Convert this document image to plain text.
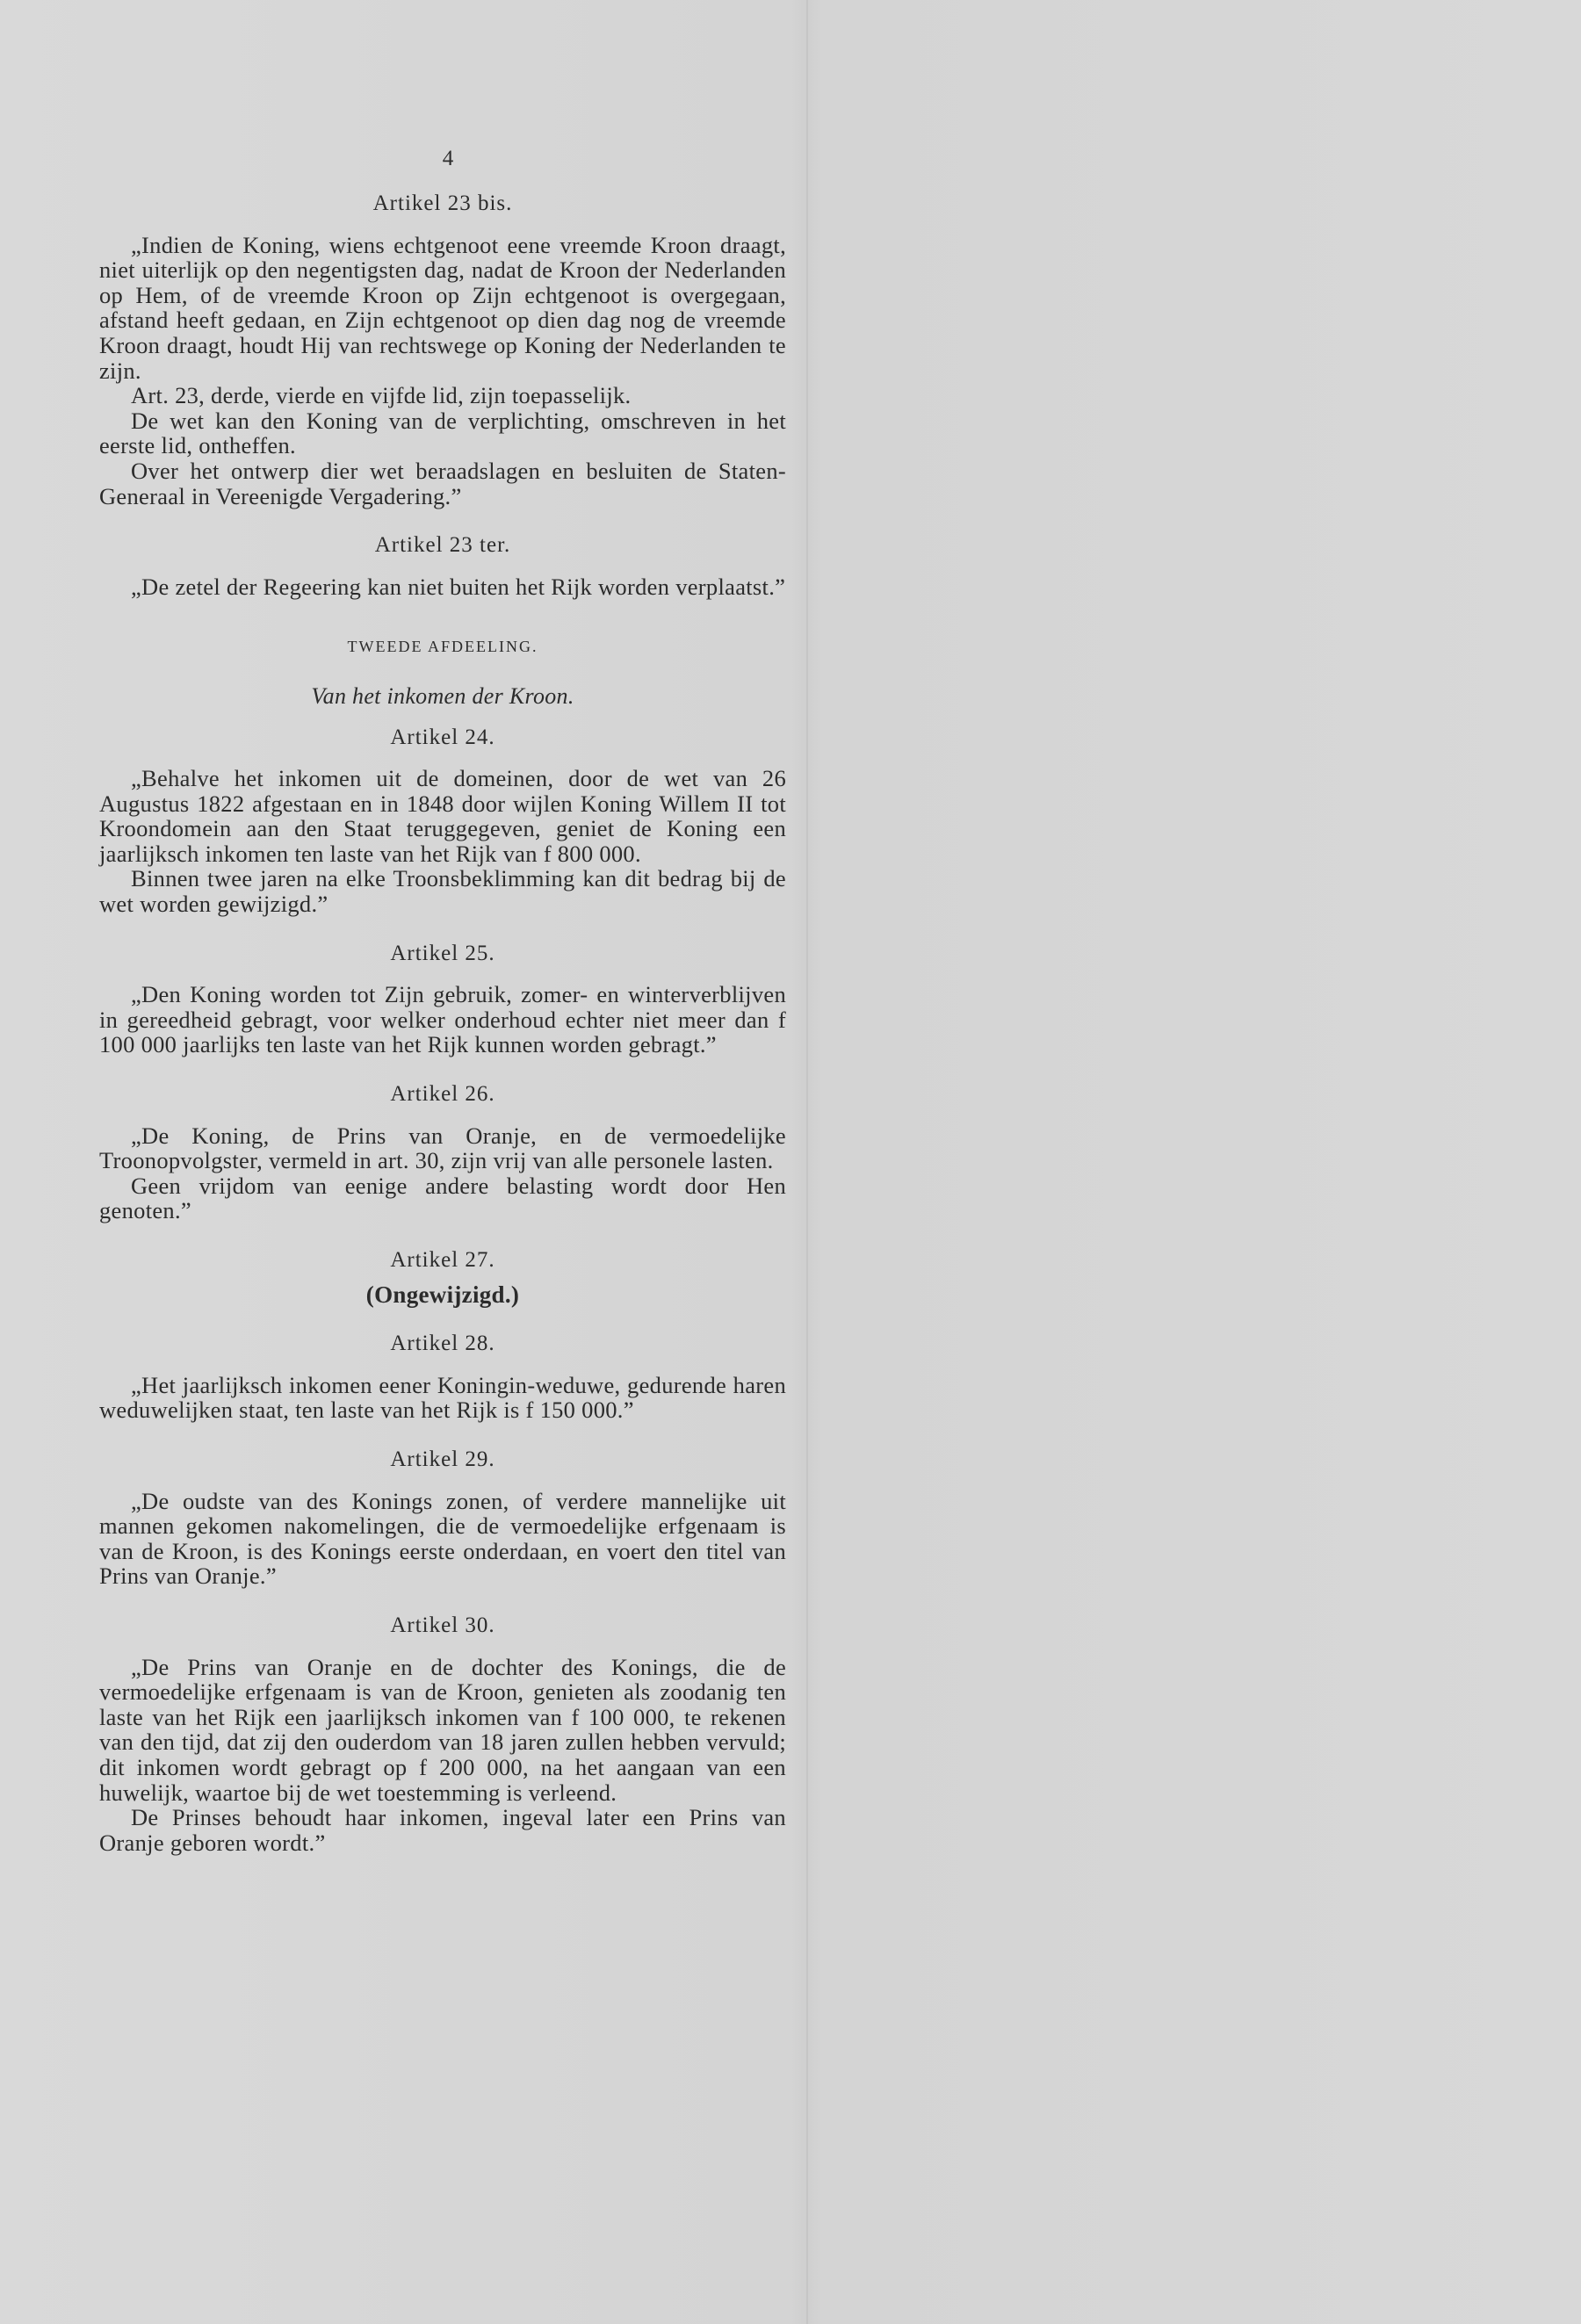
4

Artikel 23 bis.

„Indien de Koning, wiens echtgenoot eene vreemde Kroon draagt, niet uiterlijk op den negentigsten dag, nadat de Kroon der Nederlanden op Hem, of de vreemde Kroon op Zijn echtgenoot is overgegaan, afstand heeft gedaan, en Zijn echtgenoot op dien dag nog de vreemde Kroon draagt, houdt Hij van rechtswege op Koning der Nederlanden te zijn.

Art. 23, derde, vierde en vijfde lid, zijn toepasselijk.

De wet kan den Koning van de verplichting, omschreven in het eerste lid, ontheffen.

Over het ontwerp dier wet beraadslagen en besluiten de Staten-Generaal in Vereenigde Vergadering.”

Artikel 23 ter.

„De zetel der Regeering kan niet buiten het Rijk worden verplaatst.”

TWEEDE AFDEELING.

Van het inkomen der Kroon.

Artikel 24.

„Behalve het inkomen uit de domeinen, door de wet van 26 Augustus 1822 afgestaan en in 1848 door wijlen Koning Willem II tot Kroondomein aan den Staat teruggegeven, geniet de Koning een jaarlijksch inkomen ten laste van het Rijk van f 800 000.

Binnen twee jaren na elke Troonsbeklimming kan dit bedrag bij de wet worden gewijzigd.”

Artikel 25.

„Den Koning worden tot Zijn gebruik, zomer- en winterverblijven in gereedheid gebragt, voor welker onderhoud echter niet meer dan f 100 000 jaarlijks ten laste van het Rijk kunnen worden gebragt.”

Artikel 26.

„De Koning, de Prins van Oranje, en de vermoedelijke Troonopvolgster, vermeld in art. 30, zijn vrij van alle personele lasten.

Geen vrijdom van eenige andere belasting wordt door Hen genoten.”

Artikel 27.

(Ongewijzigd.)

Artikel 28.

„Het jaarlijksch inkomen eener Koningin-weduwe, gedurende haren weduwelijken staat, ten laste van het Rijk is f 150 000.”

Artikel 29.

„De oudste van des Konings zonen, of verdere mannelijke uit mannen gekomen nakomelingen, die de vermoedelijke erfgenaam is van de Kroon, is des Konings eerste onderdaan, en voert den titel van Prins van Oranje.”

Artikel 30.

„De Prins van Oranje en de dochter des Konings, die de vermoedelijke erfgenaam is van de Kroon, genieten als zoodanig ten laste van het Rijk een jaarlijksch inkomen van f 100 000, te rekenen van den tijd, dat zij den ouderdom van 18 jaren zullen hebben vervuld; dit inkomen wordt gebragt op f 200 000, na het aangaan van een huwelijk, waartoe bij de wet toestemming is verleend.

De Prinses behoudt haar inkomen, ingeval later een Prins van Oranje geboren wordt.”
